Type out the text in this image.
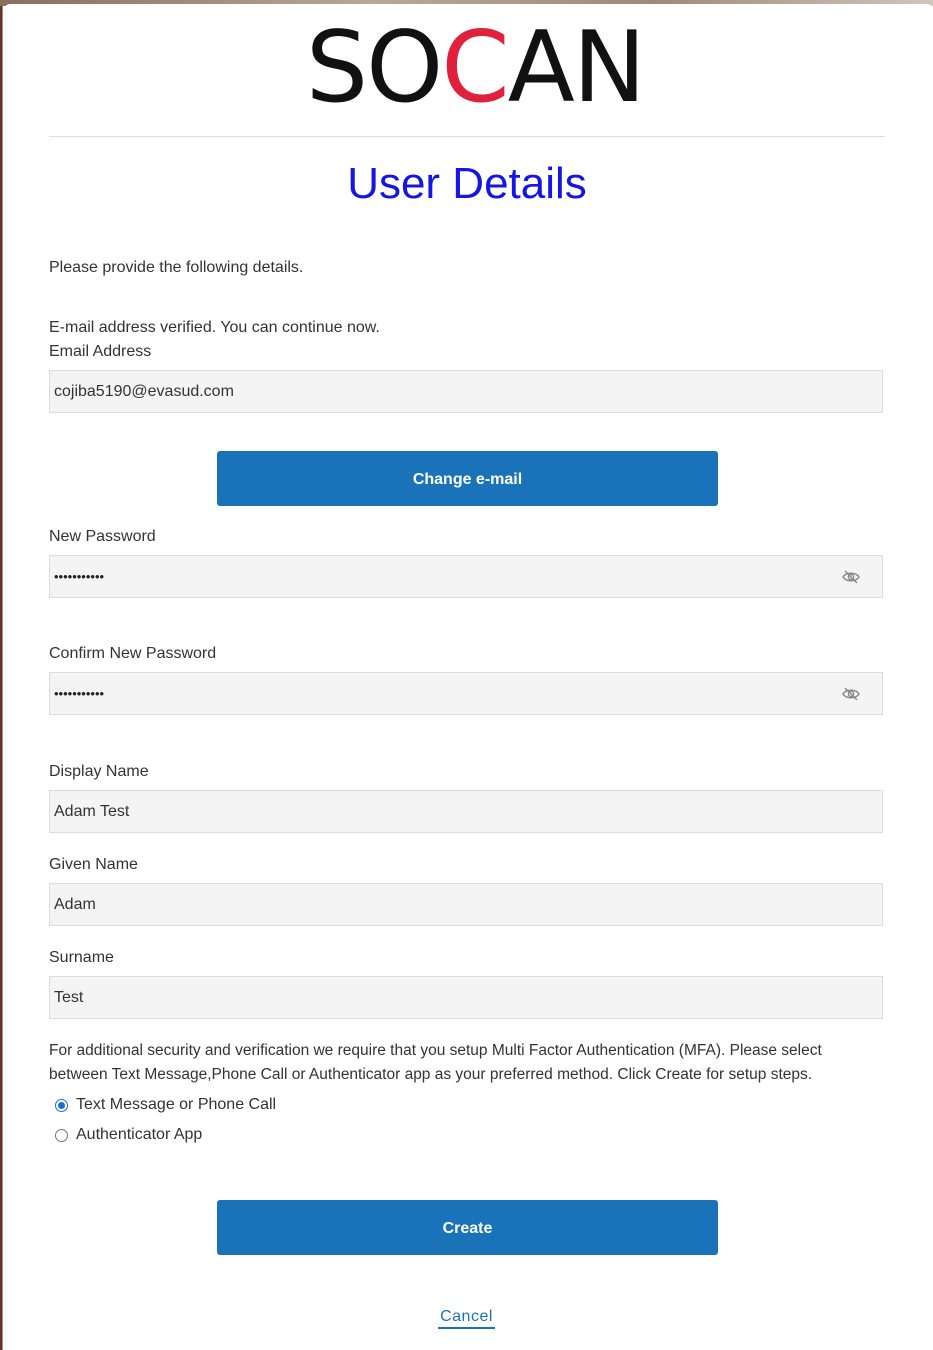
SOCAN
User Details
Please provide the following details.
E-mail address verified. You can continue now.
Email Address
cojiba5190@evasud.com
Change e-mail
New Password
•••••••••••
Confirm New Password
•••••••••••
Display Name
Adam Test
Given Name
Adam
Surname
Test
For additional security and verification we require that you setup Multi Factor Authentication (MFA). Please select
between Text Message,Phone Call or Authenticator app as your preferred method. Click Create for setup steps.
Text Message or Phone Call
Authenticator App
Create
Cancel
